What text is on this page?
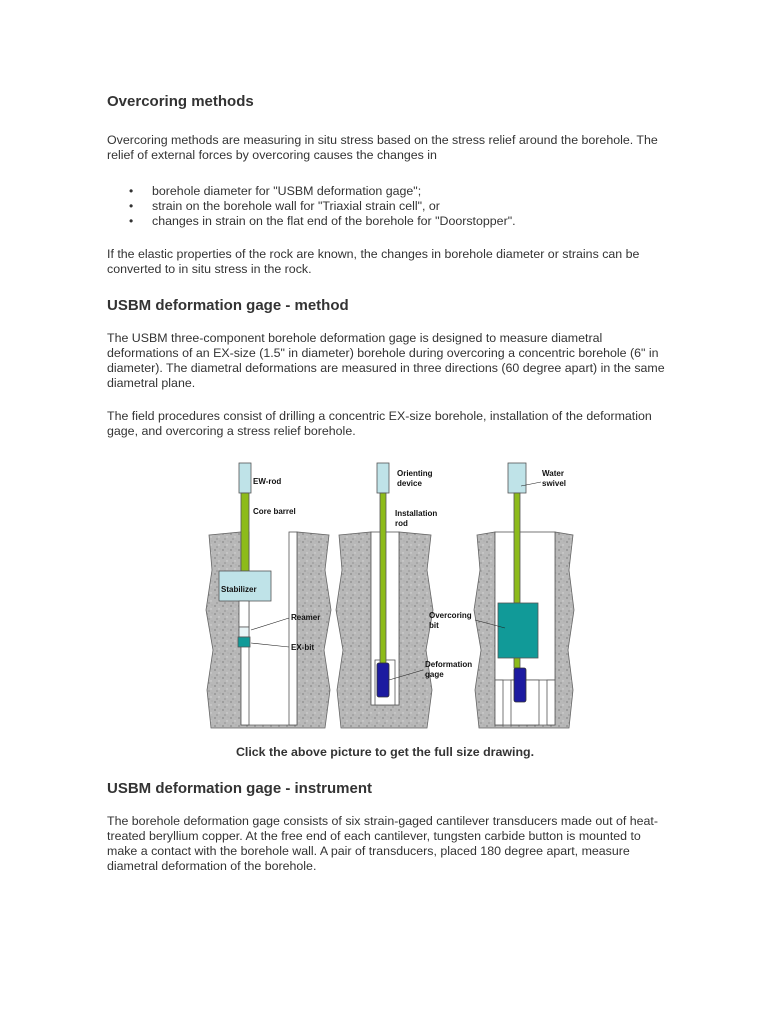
Overcoring methods

Overcoring methods are measuring in situ stress based on the stress relief around the borehole. The relief of external forces by overcoring causes the changes in

• borehole diameter for "USBM deformation gage";
• strain on the borehole wall for "Triaxial strain cell", or
• changes in strain on the flat end of the borehole for "Doorstopper".

If the elastic properties of the rock are known, the changes in borehole diameter or strains can be converted to in situ stress in the rock.

USBM deformation gage - method

The USBM three-component borehole deformation gage is designed to measure diametral deformations of an EX-size (1.5" in diameter) borehole during overcoring a concentric borehole (6" in diameter). The diametral deformations are measured in three directions (60 degree apart) in the same diametral plane.

The field procedures consist of drilling a concentric EX-size borehole, installation of the deformation gage, and overcoring a stress relief borehole.

EW-rod
Core barrel
Stabilizer
Reamer
EX-bit
Orienting
device
Installation
rod
Deformation
gage
Water
swivel
Overcoring
bit

Click the above picture to get the full size drawing.

USBM deformation gage - instrument

The borehole deformation gage consists of six strain-gaged cantilever transducers made out of heat-treated beryllium copper. At the free end of each cantilever, tungsten carbide button is mounted to make a contact with the borehole wall. A pair of transducers, placed 180 degree apart, measure diametral deformation of the borehole.
